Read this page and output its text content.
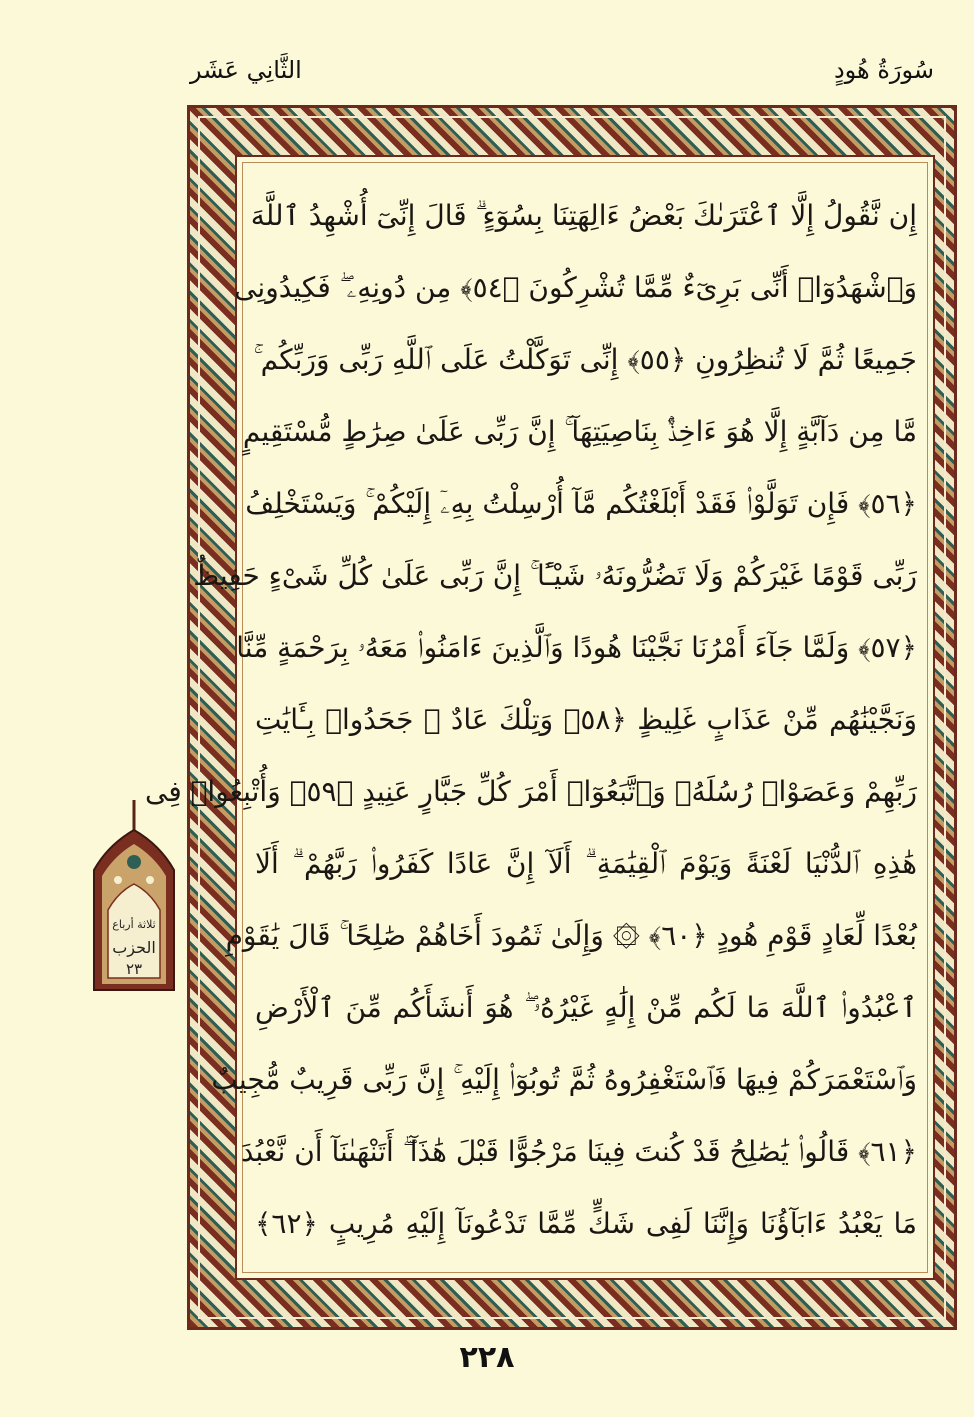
الثَّانِي عَشَر	سُورَةُ هُودٍ
إِن نَّقُولُ إِلَّا ٱعْتَرَىٰكَ بَعْضُ ءَالِهَتِنَا بِسُوٓءٍ ۗ قَالَ إِنِّىٓ أُشْهِدُ ٱللَّهَ
وَٱشْهَدُوٓا۟ أَنِّى بَرِىٓءٌ مِّمَّا تُشْرِكُونَ ﴿٥٤﴾ مِن دُونِهِۦ ۖ فَكِيدُونِى
جَمِيعًا ثُمَّ لَا تُنظِرُونِ ﴿٥٥﴾ إِنِّى تَوَكَّلْتُ عَلَى ٱللَّهِ رَبِّى وَرَبِّكُم ۚ
مَّا مِن دَآبَّةٍ إِلَّا هُوَ ءَاخِذٌۢ بِنَاصِيَتِهَآ ۚ إِنَّ رَبِّى عَلَىٰ صِرَٰطٍ مُّسْتَقِيمٍ
﴿٥٦﴾ فَإِن تَوَلَّوْا۟ فَقَدْ أَبْلَغْتُكُم مَّآ أُرْسِلْتُ بِهِۦٓ إِلَيْكُمْ ۚ وَيَسْتَخْلِفُ
رَبِّى قَوْمًا غَيْرَكُمْ وَلَا تَضُرُّونَهُۥ شَيْـًٔا ۚ إِنَّ رَبِّى عَلَىٰ كُلِّ شَىْءٍ حَفِيظٌ
﴿٥٧﴾ وَلَمَّا جَآءَ أَمْرُنَا نَجَّيْنَا هُودًا وَٱلَّذِينَ ءَامَنُوا۟ مَعَهُۥ بِرَحْمَةٍ مِّنَّا
وَنَجَّيْنَٰهُم مِّنْ عَذَابٍ غَلِيظٍ ﴿٥٨﴾ وَتِلْكَ عَادٌ ۖ جَحَدُوا۟ بِـَٔايَٰتِ
رَبِّهِمْ وَعَصَوْا۟ رُسُلَهُۥ وَٱتَّبَعُوٓا۟ أَمْرَ كُلِّ جَبَّارٍ عَنِيدٍ ﴿٥٩﴾ وَأُتْبِعُوا۟ فِى
هَٰذِهِ ٱلدُّنْيَا لَعْنَةً وَيَوْمَ ٱلْقِيَٰمَةِ ۗ أَلَآ إِنَّ عَادًا كَفَرُوا۟ رَبَّهُمْ ۗ أَلَا
بُعْدًا لِّعَادٍ قَوْمِ هُودٍ ﴿٦٠﴾ ۞ وَإِلَىٰ ثَمُودَ أَخَاهُمْ صَٰلِحًا ۚ قَالَ يَٰقَوْمِ
ٱعْبُدُوا۟ ٱللَّهَ مَا لَكُم مِّنْ إِلَٰهٍ غَيْرُهُۥ ۖ هُوَ أَنشَأَكُم مِّنَ ٱلْأَرْضِ
وَٱسْتَعْمَرَكُمْ فِيهَا فَٱسْتَغْفِرُوهُ ثُمَّ تُوبُوٓا۟ إِلَيْهِ ۚ إِنَّ رَبِّى قَرِيبٌ مُّجِيبٌ
﴿٦١﴾ قَالُوا۟ يَٰصَٰلِحُ قَدْ كُنتَ فِينَا مَرْجُوًّا قَبْلَ هَٰذَآ ۖ أَتَنْهَىٰنَآ أَن نَّعْبُدَ
مَا يَعْبُدُ ءَابَآؤُنَا وَإِنَّنَا لَفِى شَكٍّ مِّمَّا تَدْعُونَآ إِلَيْهِ مُرِيبٍ ﴿٦٢﴾
ثلاثة أرباع
الحزب
٢٣
٢٢٨
